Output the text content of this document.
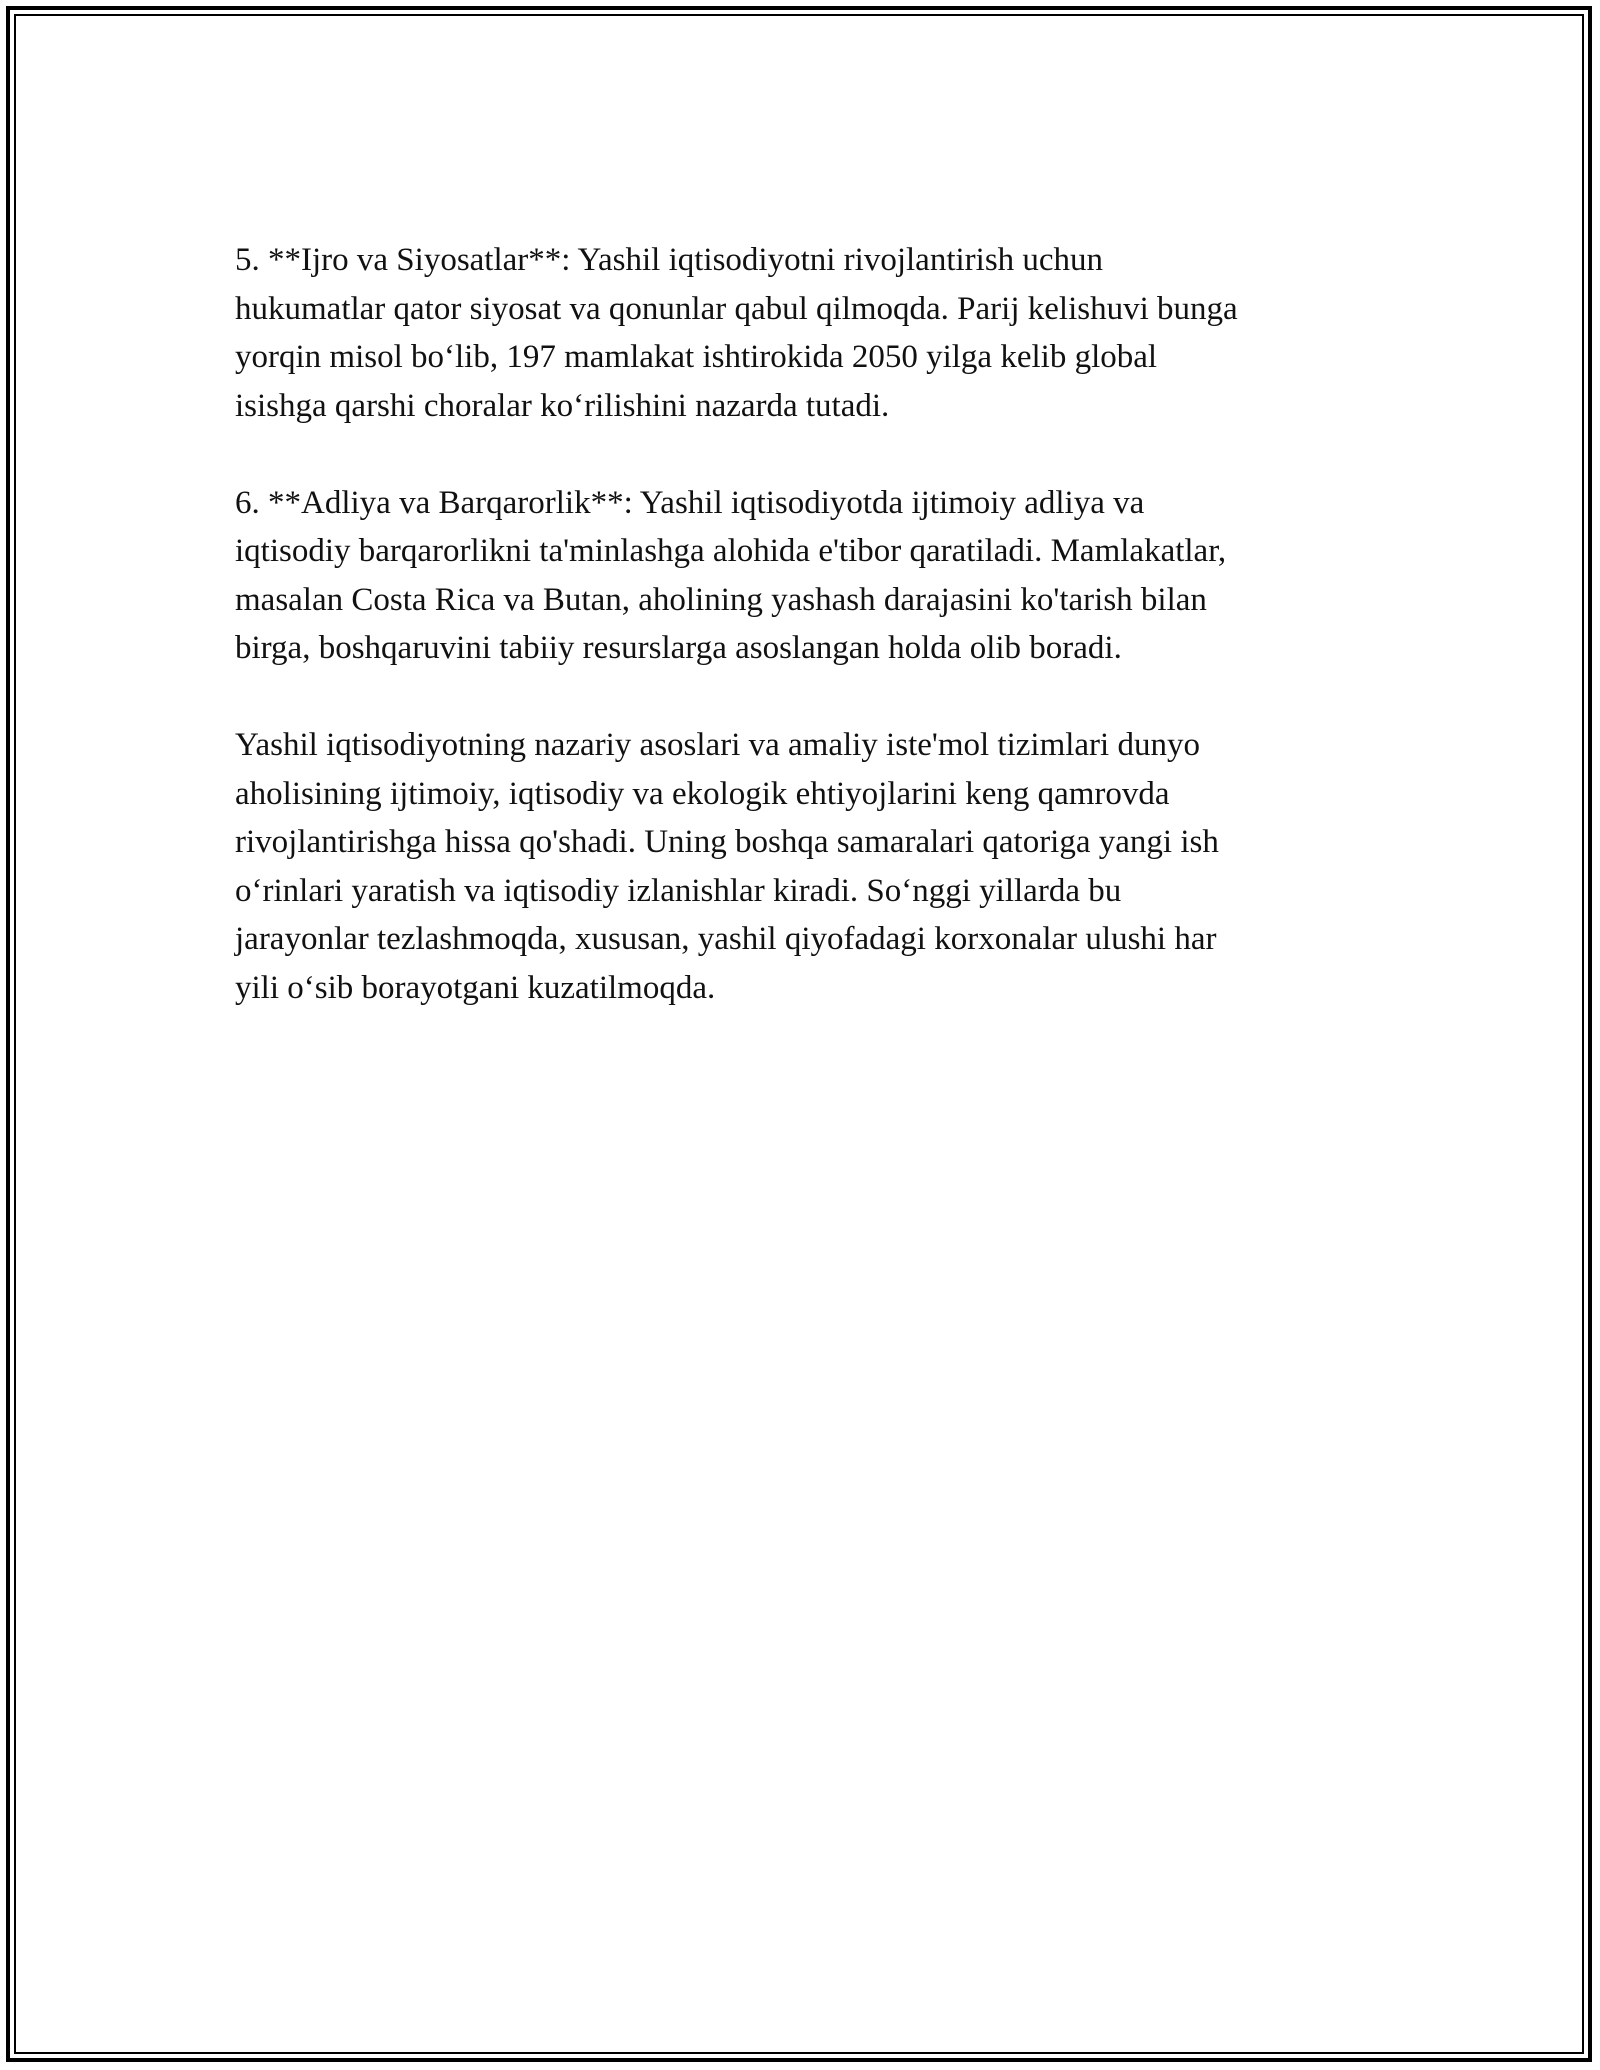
5. **Ijro va Siyosatlar**: Yashil iqtisodiyotni rivojlantirish uchun
hukumatlar qator siyosat va qonunlar qabul qilmoqda. Parij kelishuvi bunga
yorqin misol bo‘lib, 197 mamlakat ishtirokida 2050 yilga kelib global
isishga qarshi choralar ko‘rilishini nazarda tutadi.

6. **Adliya va Barqarorlik**: Yashil iqtisodiyotda ijtimoiy adliya va
iqtisodiy barqarorlikni ta'minlashga alohida e'tibor qaratiladi. Mamlakatlar,
masalan Costa Rica va Butan, aholining yashash darajasini ko'tarish bilan
birga, boshqaruvini tabiiy resurslarga asoslangan holda olib boradi.

Yashil iqtisodiyotning nazariy asoslari va amaliy iste'mol tizimlari dunyo
aholisining ijtimoiy, iqtisodiy va ekologik ehtiyojlarini keng qamrovda
rivojlantirishga hissa qo'shadi. Uning boshqa samaralari qatoriga yangi ish
o‘rinlari yaratish va iqtisodiy izlanishlar kiradi. So‘nggi yillarda bu
jarayonlar tezlashmoqda, xususan, yashil qiyofadagi korxonalar ulushi har
yili o‘sib borayotgani kuzatilmoqda.
